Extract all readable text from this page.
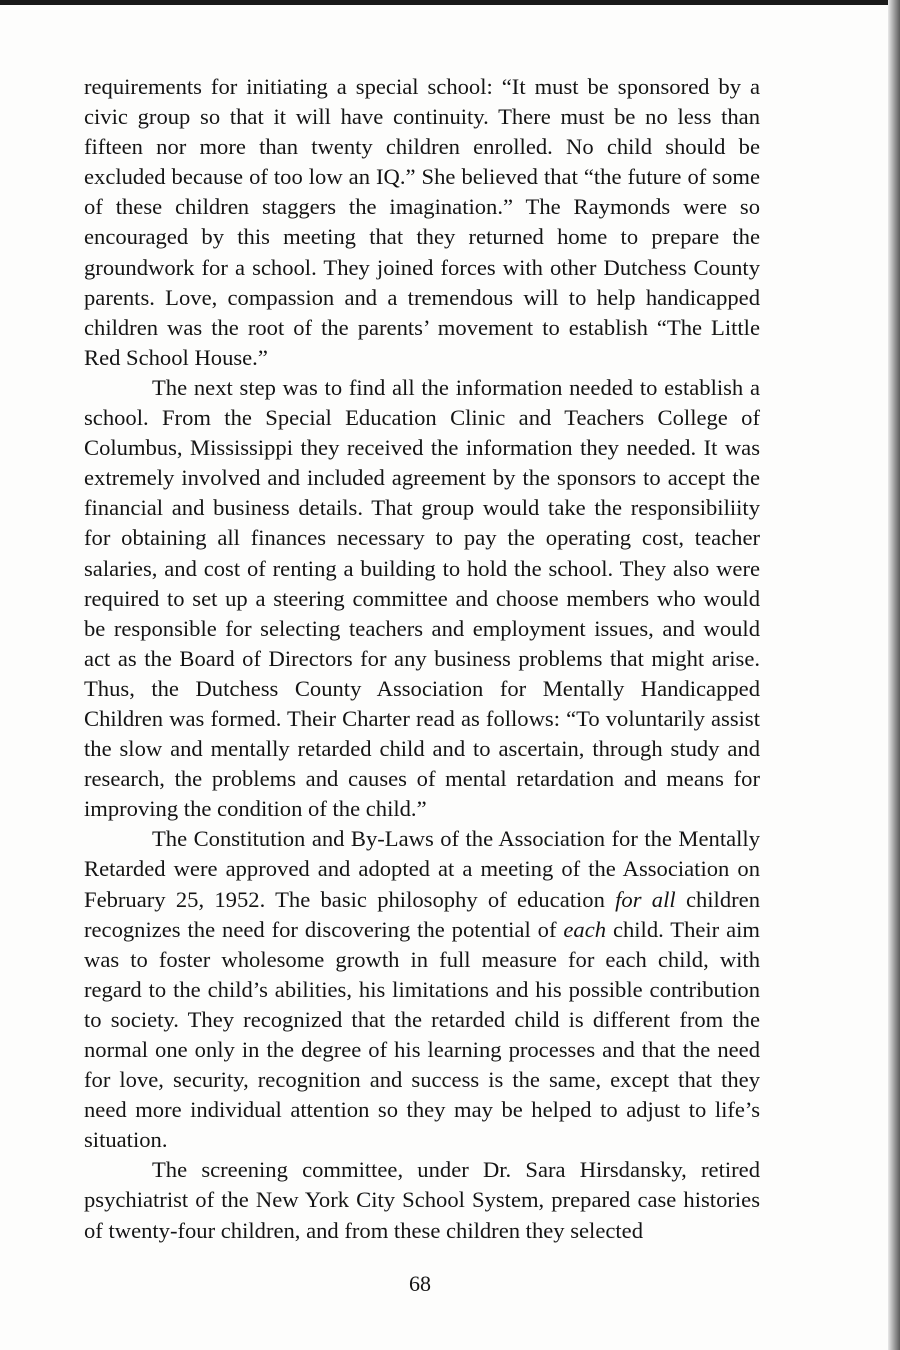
requirements for initiating a special school: “It must be sponsored by a civic group so that it will have continuity. There must be no less than fifteen nor more than twenty children enrolled. No child should be excluded because of too low an IQ.” She believed that “the future of some of these children staggers the imagination.” The Raymonds were so encouraged by this meeting that they returned home to prepare the groundwork for a school. They joined forces with other Dutchess County parents. Love, compassion and a tremendous will to help handicapped children was the root of the parents’ movement to establish “The Little Red School House.”

The next step was to find all the information needed to establish a school. From the Special Education Clinic and Teachers College of Columbus, Mississippi they received the information they needed. It was extremely involved and included agreement by the sponsors to accept the financial and business details. That group would take the responsibiliity for obtaining all finances necessary to pay the operating cost, teacher salaries, and cost of renting a building to hold the school. They also were required to set up a steering committee and choose members who would be responsible for selecting teachers and employment issues, and would act as the Board of Directors for any business problems that might arise. Thus, the Dutchess County Association for Mentally Handicapped Children was formed. Their Charter read as follows: “To voluntarily assist the slow and mentally retarded child and to ascertain, through study and research, the problems and causes of mental retardation and means for improving the condition of the child.”

The Constitution and By-Laws of the Association for the Mentally Retarded were approved and adopted at a meeting of the Association on February 25, 1952. The basic philosophy of education for all children recognizes the need for discovering the potential of each child. Their aim was to foster wholesome growth in full measure for each child, with regard to the child’s abilities, his limitations and his possible contribution to society. They recognized that the retarded child is different from the normal one only in the degree of his learning processes and that the need for love, security, recognition and success is the same, except that they need more individual attention so they may be helped to adjust to life’s situation.

The screening committee, under Dr. Sara Hirsdansky, retired psychiatrist of the New York City School System, prepared case histories of twenty-four children, and from these children they selected

68
